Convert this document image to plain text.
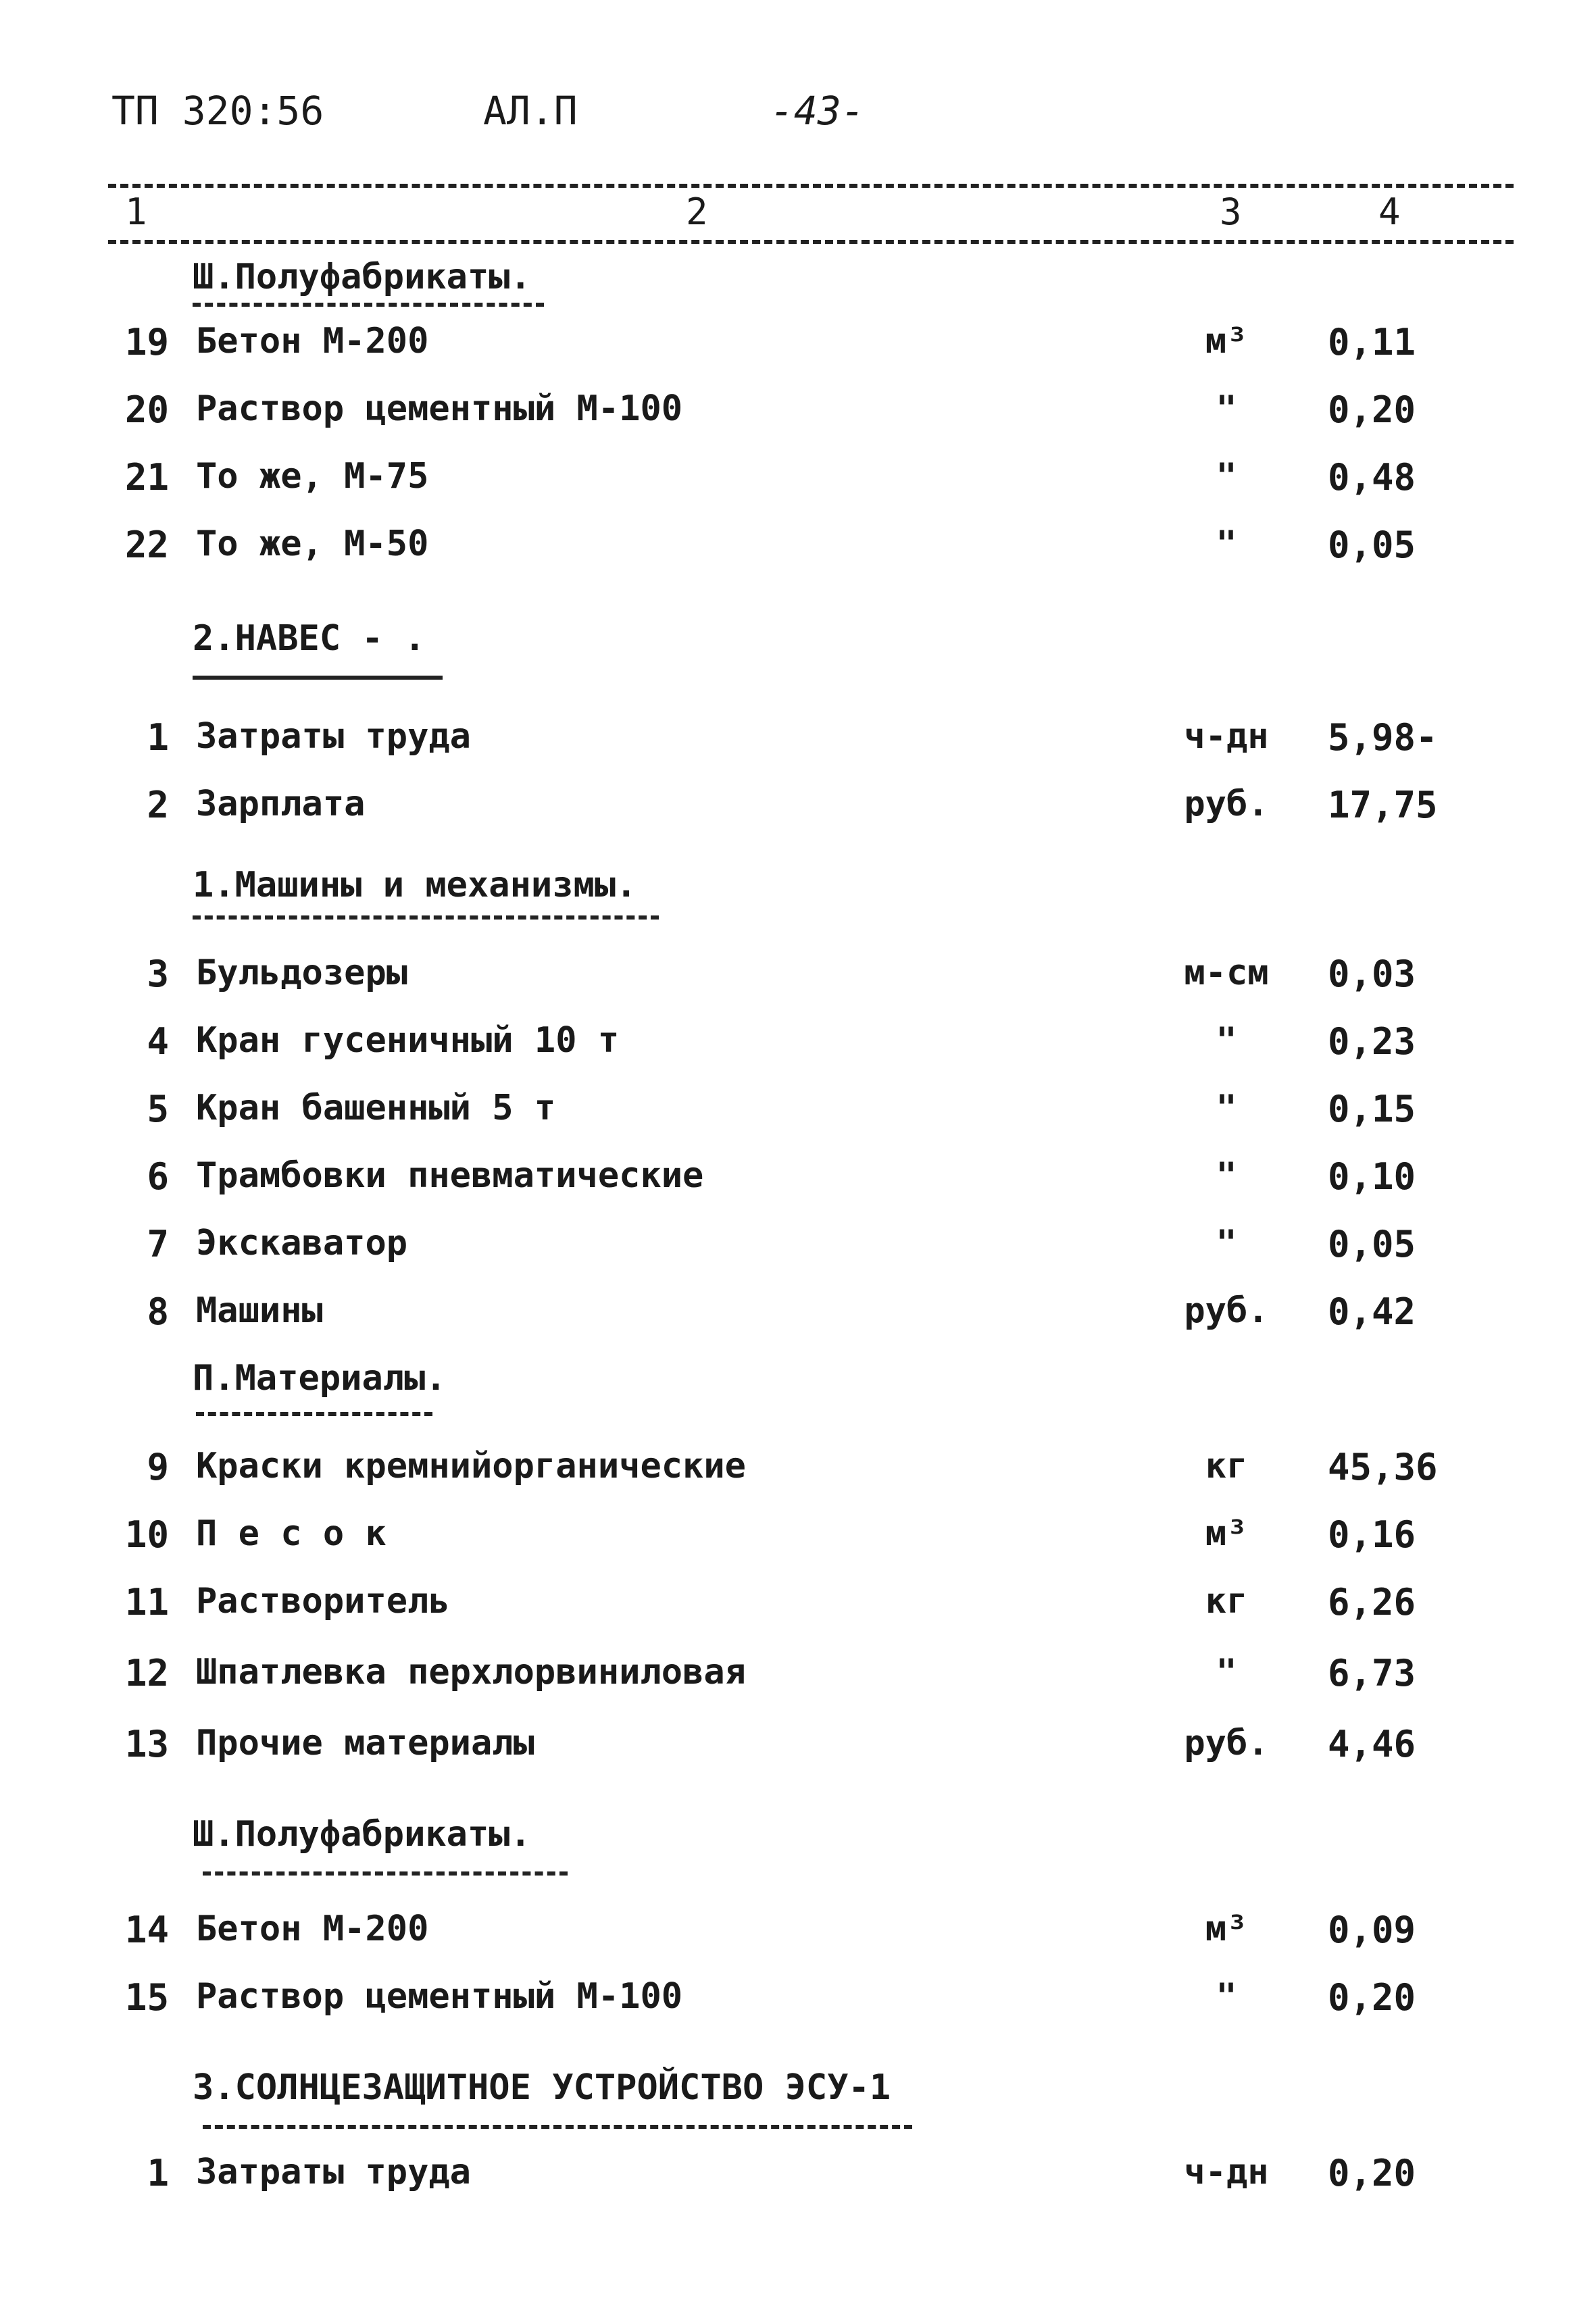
ТП 320:56	АЛ.П	-43-
1	2	3	4
Ш.Полуфабрикаты.
19 Бетон М-200	м³	0,11
20 Раствор цементный М-100	"	0,20
21 То же, М-75	"	0,48
22 То же, М-50	"	0,05
2.НАВЕС - .
1 Затраты труда	ч-дн	5,98-
2 Зарплата	руб.	17,75
1.Машины и механизмы.
3 Бульдозеры	м-см	0,03
4 Кран гусеничный 10 т	"	0,23
5 Кран башенный 5 т	"	0,15
6 Трамбовки пневматические	"	0,10
7 Экскаватор	"	0,05
8 Машины	руб.	0,42
П.Материалы.
9 Краски кремнийорганические	кг	45,36
10 П е с о к	м³	0,16
11 Растворитель	кг	6,26
12 Шпатлевка перхлорвиниловая	"	6,73
13 Прочие материалы	руб.	4,46
Ш.Полуфабрикаты.
14 Бетон М-200	м³	0,09
15 Раствор цементный М-100	"	0,20
3.СОЛНЦЕЗАЩИТНОЕ УСТРОЙСТВО ЭСУ-1
1 Затраты труда	ч-дн	0,20
